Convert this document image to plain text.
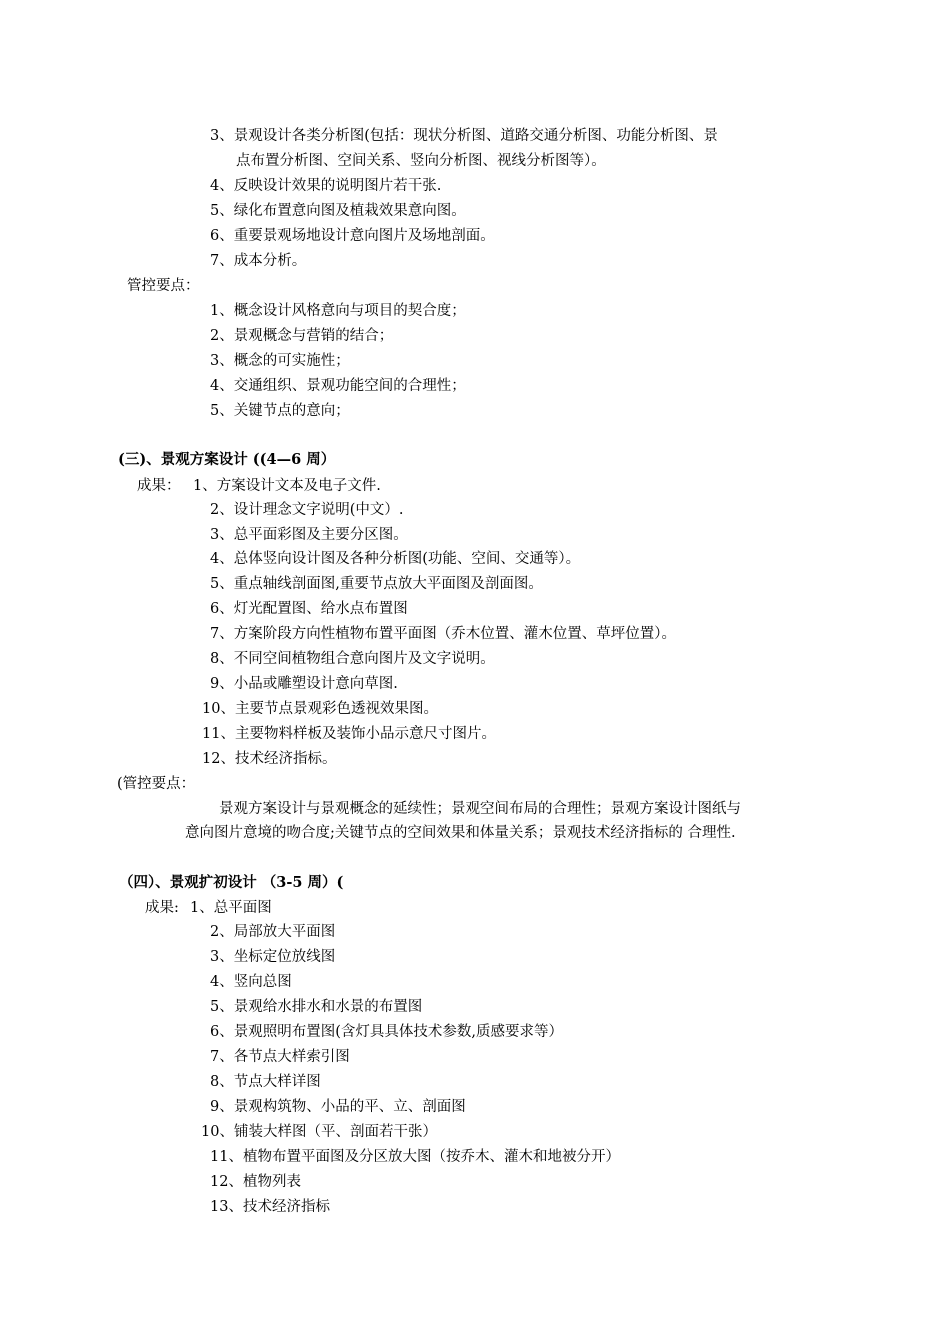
3、景观设计各类分析图(包括：现状分析图、道路交通分析图、功能分析图、景
点布置分析图、空间关系、竖向分析图、视线分析图等）。
4、反映设计效果的说明图片若干张.
5、绿化布置意向图及植栽效果意向图。
6、重要景观场地设计意向图片及场地剖面。
7、成本分析。
管控要点：
1、概念设计风格意向与项目的契合度；
2、景观概念与营销的结合；
3、概念的可实施性；
4、交通组织、景观功能空间的合理性；
5、关键节点的意向；
(三)、景观方案设计 ((4—6 周）
成果： 1、方案设计文本及电子文件.
2、设计理念文字说明(中文）.
3、总平面彩图及主要分区图。
4、总体竖向设计图及各种分析图(功能、空间、交通等）。
5、重点轴线剖面图,重要节点放大平面图及剖面图。
6、灯光配置图、给水点布置图
7、方案阶段方向性植物布置平面图（乔木位置、灌木位置、草坪位置）。
8、不同空间植物组合意向图片及文字说明。
9、小品或雕塑设计意向草图.
10、主要节点景观彩色透视效果图。
11、主要物料样板及装饰小品示意尺寸图片。
12、技术经济指标。
(管控要点：
景观方案设计与景观概念的延续性；景观空间布局的合理性；景观方案设计图纸与
意向图片意境的吻合度;关键节点的空间效果和体量关系；景观技术经济指标的 合理性.
（四）、景观扩初设计 （3-5 周）(
成果: 1、总平面图
2、局部放大平面图
3、坐标定位放线图
4、竖向总图
5、景观给水排水和水景的布置图
6、景观照明布置图(含灯具具体技术参数,质感要求等）
7、各节点大样索引图
8、节点大样详图
9、景观构筑物、小品的平、立、剖面图
10、铺装大样图（平、剖面若干张）
11、植物布置平面图及分区放大图（按乔木、灌木和地被分开）
12、植物列表
13、技术经济指标
